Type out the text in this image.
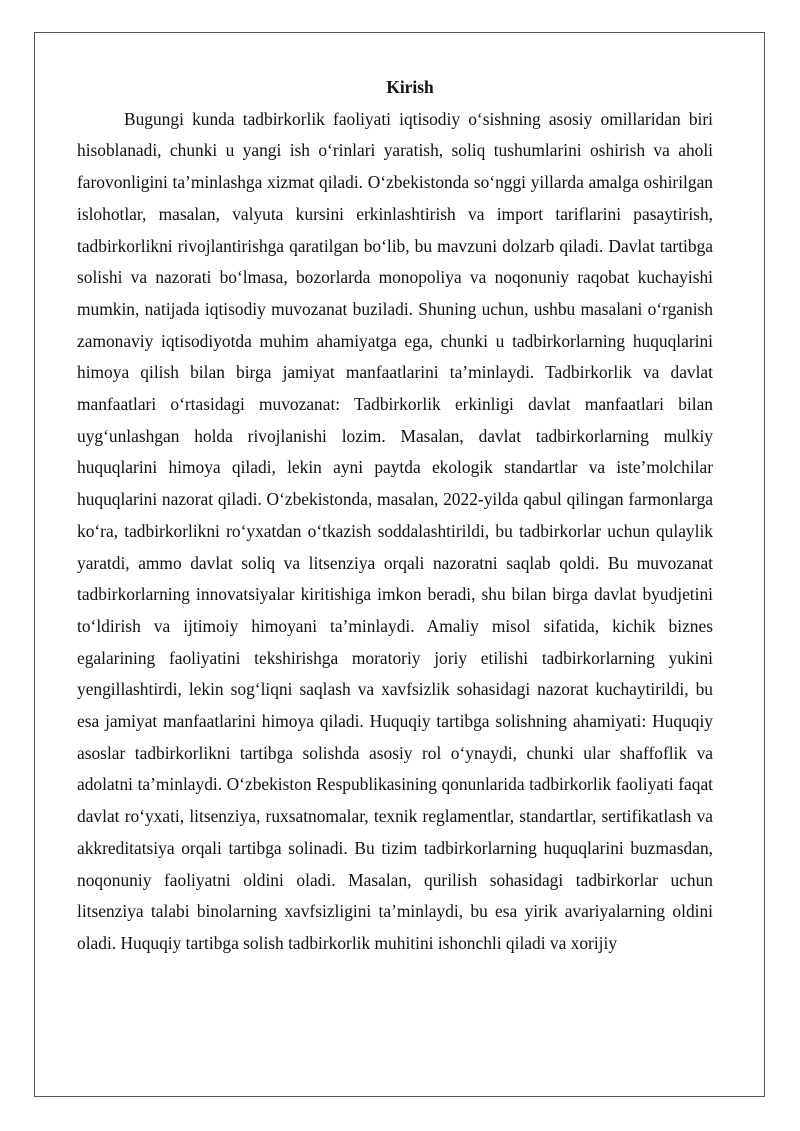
Kirish

Bugungi kunda tadbirkorlik faoliyati iqtisodiy o‘sishning asosiy omillaridan biri hisoblanadi, chunki u yangi ish o‘rinlari yaratish, soliq tushumlarini oshirish va aholi farovonligini ta’minlashga xizmat qiladi. O‘zbekistonda so‘nggi yillarda amalga oshirilgan islohotlar, masalan, valyuta kursini erkinlashtirish va import tariflarini pasaytirish, tadbirkorlikni rivojlantirishga qaratilgan bo‘lib, bu mavzuni dolzarb qiladi. Davlat tartibga solishi va nazorati bo‘lmasa, bozorlarda monopoliya va noqonuniy raqobat kuchayishi mumkin, natijada iqtisodiy muvozanat buziladi. Shuning uchun, ushbu masalani o‘rganish zamonaviy iqtisodiyotda muhim ahamiyatga ega, chunki u tadbirkorlarning huquqlarini himoya qilish bilan birga jamiyat manfaatlarini ta’minlaydi. Tadbirkorlik va davlat manfaatlari o‘rtasidagi muvozanat: Tadbirkorlik erkinligi davlat manfaatlari bilan uyg‘unlashgan holda rivojlanishi lozim. Masalan, davlat tadbirkorlarning mulkiy huquqlarini himoya qiladi, lekin ayni paytda ekologik standartlar va iste’molchilar huquqlarini nazorat qiladi. O‘zbekistonda, masalan, 2022-yilda qabul qilingan farmonlarga ko‘ra, tadbirkorlikni ro‘yxatdan o‘tkazish soddalashtirildi, bu tadbirkorlar uchun qulaylik yaratdi, ammo davlat soliq va litsenziya orqali nazoratni saqlab qoldi. Bu muvozanat tadbirkorlarning innovatsiyalar kiritishiga imkon beradi, shu bilan birga davlat byudjetini to‘ldirish va ijtimoiy himoyani ta’minlaydi. Amaliy misol sifatida, kichik biznes egalarining faoliyatini tekshirishga moratoriy joriy etilishi tadbirkorlarning yukini yengillashtirdi, lekin sog‘liqni saqlash va xavfsizlik sohasidagi nazorat kuchaytirildi, bu esa jamiyat manfaatlarini himoya qiladi. Huquqiy tartibga solishning ahamiyati: Huquqiy asoslar tadbirkorlikni tartibga solishda asosiy rol o‘ynaydi, chunki ular shaffoflik va adolatni ta’minlaydi. O‘zbekiston Respublikasining qonunlarida tadbirkorlik faoliyati faqat davlat ro‘yxati, litsenziya, ruxsatnomalar, texnik reglamentlar, standartlar, sertifikatlash va akkreditatsiya orqali tartibga solinadi. Bu tizim tadbirkorlarning huquqlarini buzmasdan, noqonuniy faoliyatni oldini oladi. Masalan, qurilish sohasidagi tadbirkorlar uchun litsenziya talabi binolarning xavfsizligini ta’minlaydi, bu esa yirik avariyalarning oldini oladi. Huquqiy tartibga solish tadbirkorlik muhitini ishonchli qiladi va xorijiy
